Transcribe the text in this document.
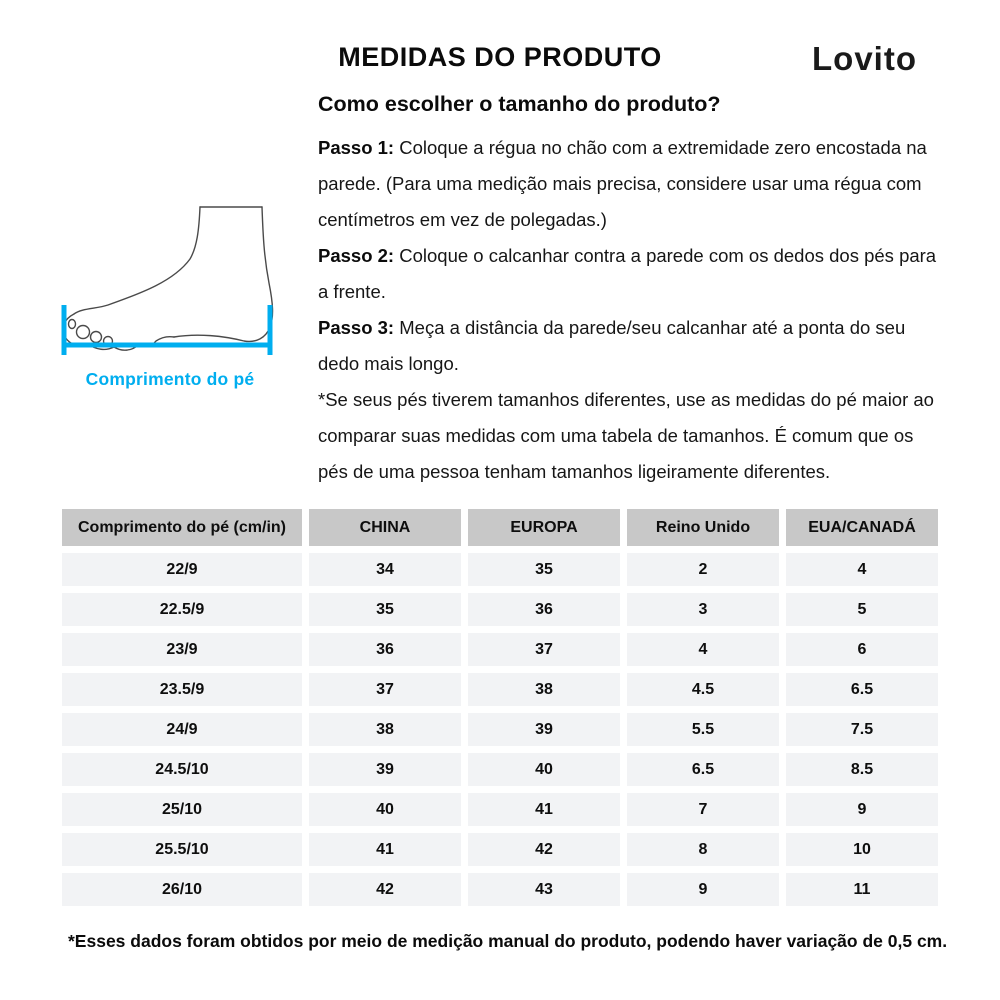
MEDIDAS DO PRODUTO	Lovito
Como escolher o tamanho do produto?

Passo 1: Coloque a régua no chão com a extremidade zero encostada na parede. (Para uma medição mais precisa, considere usar uma régua com centímetros em vez de polegadas.)

Passo 2: Coloque o calcanhar contra a parede com os dedos dos pés para a frente.

Passo 3: Meça a distância da parede/seu calcanhar até a ponta do seu dedo mais longo.

*Se seus pés tiverem tamanhos diferentes, use as medidas do pé maior ao comparar suas medidas com uma tabela de tamanhos. É comum que os pés de uma pessoa tenham tamanhos ligeiramente diferentes.

Comprimento do pé
Comprimento do pé (cm/in)	CHINA	EUROPA	Reino Unido	EUA/CANADÁ
22/9	34	35	2	4
22.5/9	35	36	3	5
23/9	36	37	4	6
23.5/9	37	38	4.5	6.5
24/9	38	39	5.5	7.5
24.5/10	39	40	6.5	8.5
25/10	40	41	7	9
25.5/10	41	42	8	10
26/10	42	43	9	11
*Esses dados foram obtidos por meio de medição manual do produto, podendo haver variação de 0,5 cm.
